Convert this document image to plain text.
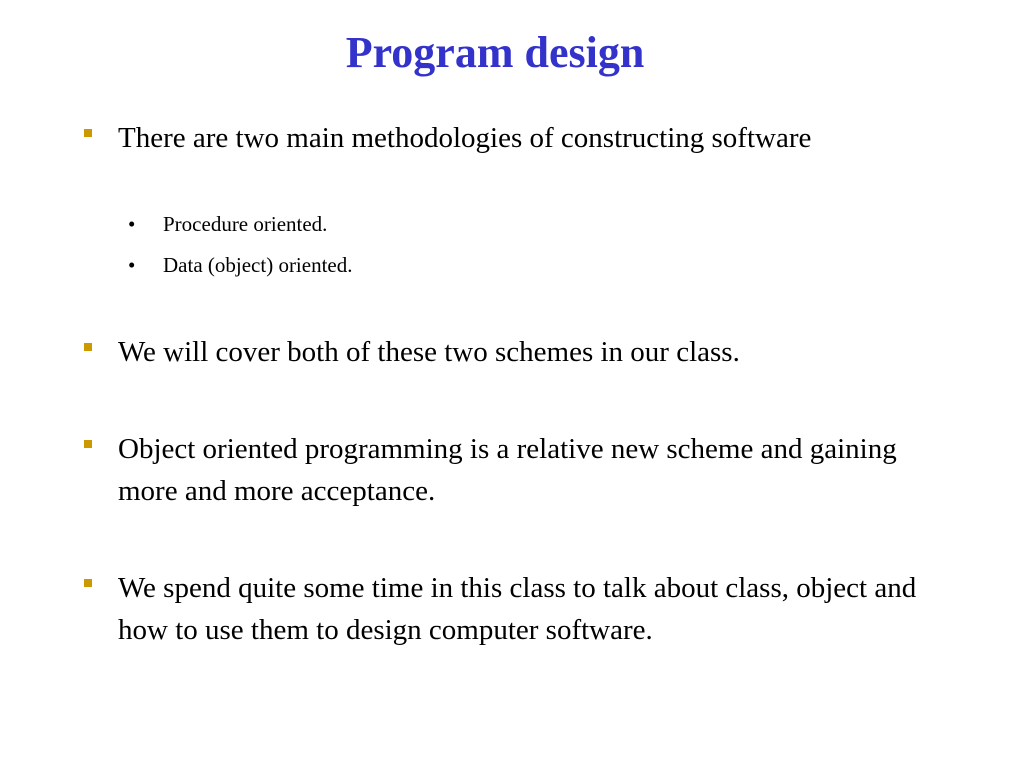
Program design
There are two main methodologies of constructing software
• Procedure oriented.
• Data (object) oriented.
We will cover both of these two schemes in our class.
Object oriented programming is a relative new scheme and gaining more and more acceptance.
We spend quite some time in this class to talk about class, object and how to use them to design computer software.
